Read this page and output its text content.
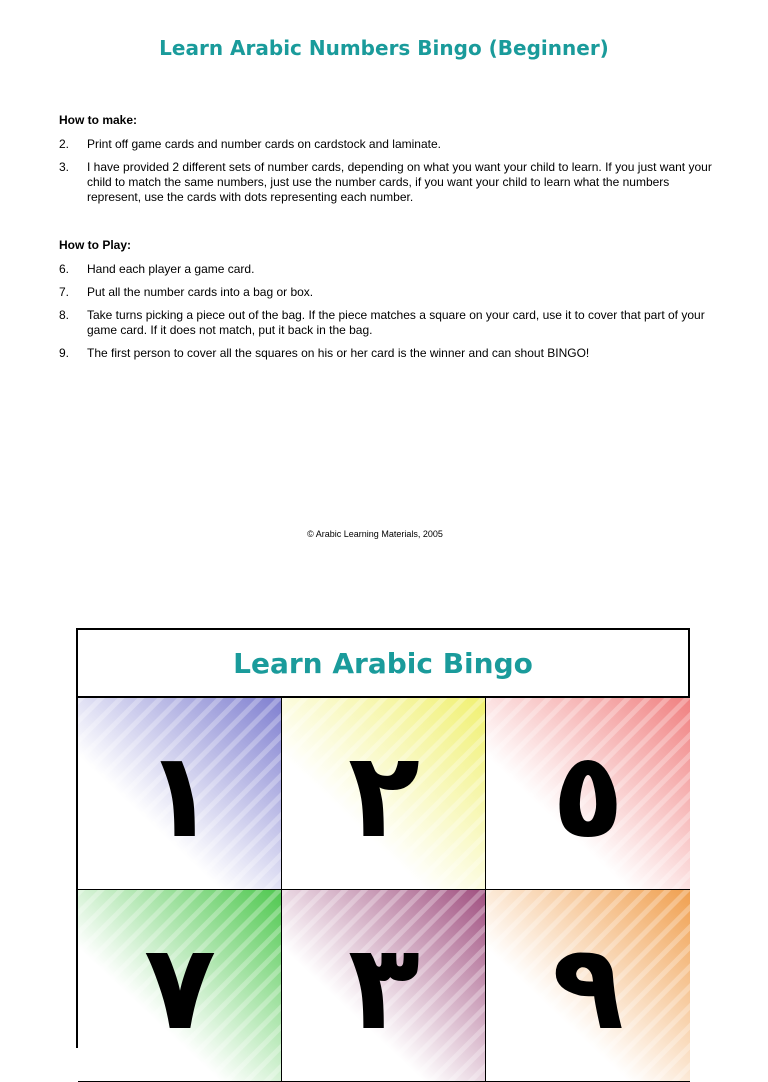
Learn Arabic Numbers Bingo (Beginner)
How to make:
2. Print off game cards and number cards on cardstock and laminate.
3. I have provided 2 different sets of number cards, depending on what you want your child to learn. If you just want your child to match the same numbers, just use the number cards, if you want your child to learn what the numbers represent, use the cards with dots representing each number.
How to Play:
6. Hand each player a game card.
7. Put all the number cards into a bag or box.
8. Take turns picking a piece out of the bag. If the piece matches a square on your card, use it to cover that part of your game card. If it does not match, put it back in the bag.
9. The first person to cover all the squares on his or her card is the winner and can shout BINGO!
© Arabic Learning Materials, 2005
Learn Arabic Bingo
١ ٢ ٥
٧ ٣ ٩
